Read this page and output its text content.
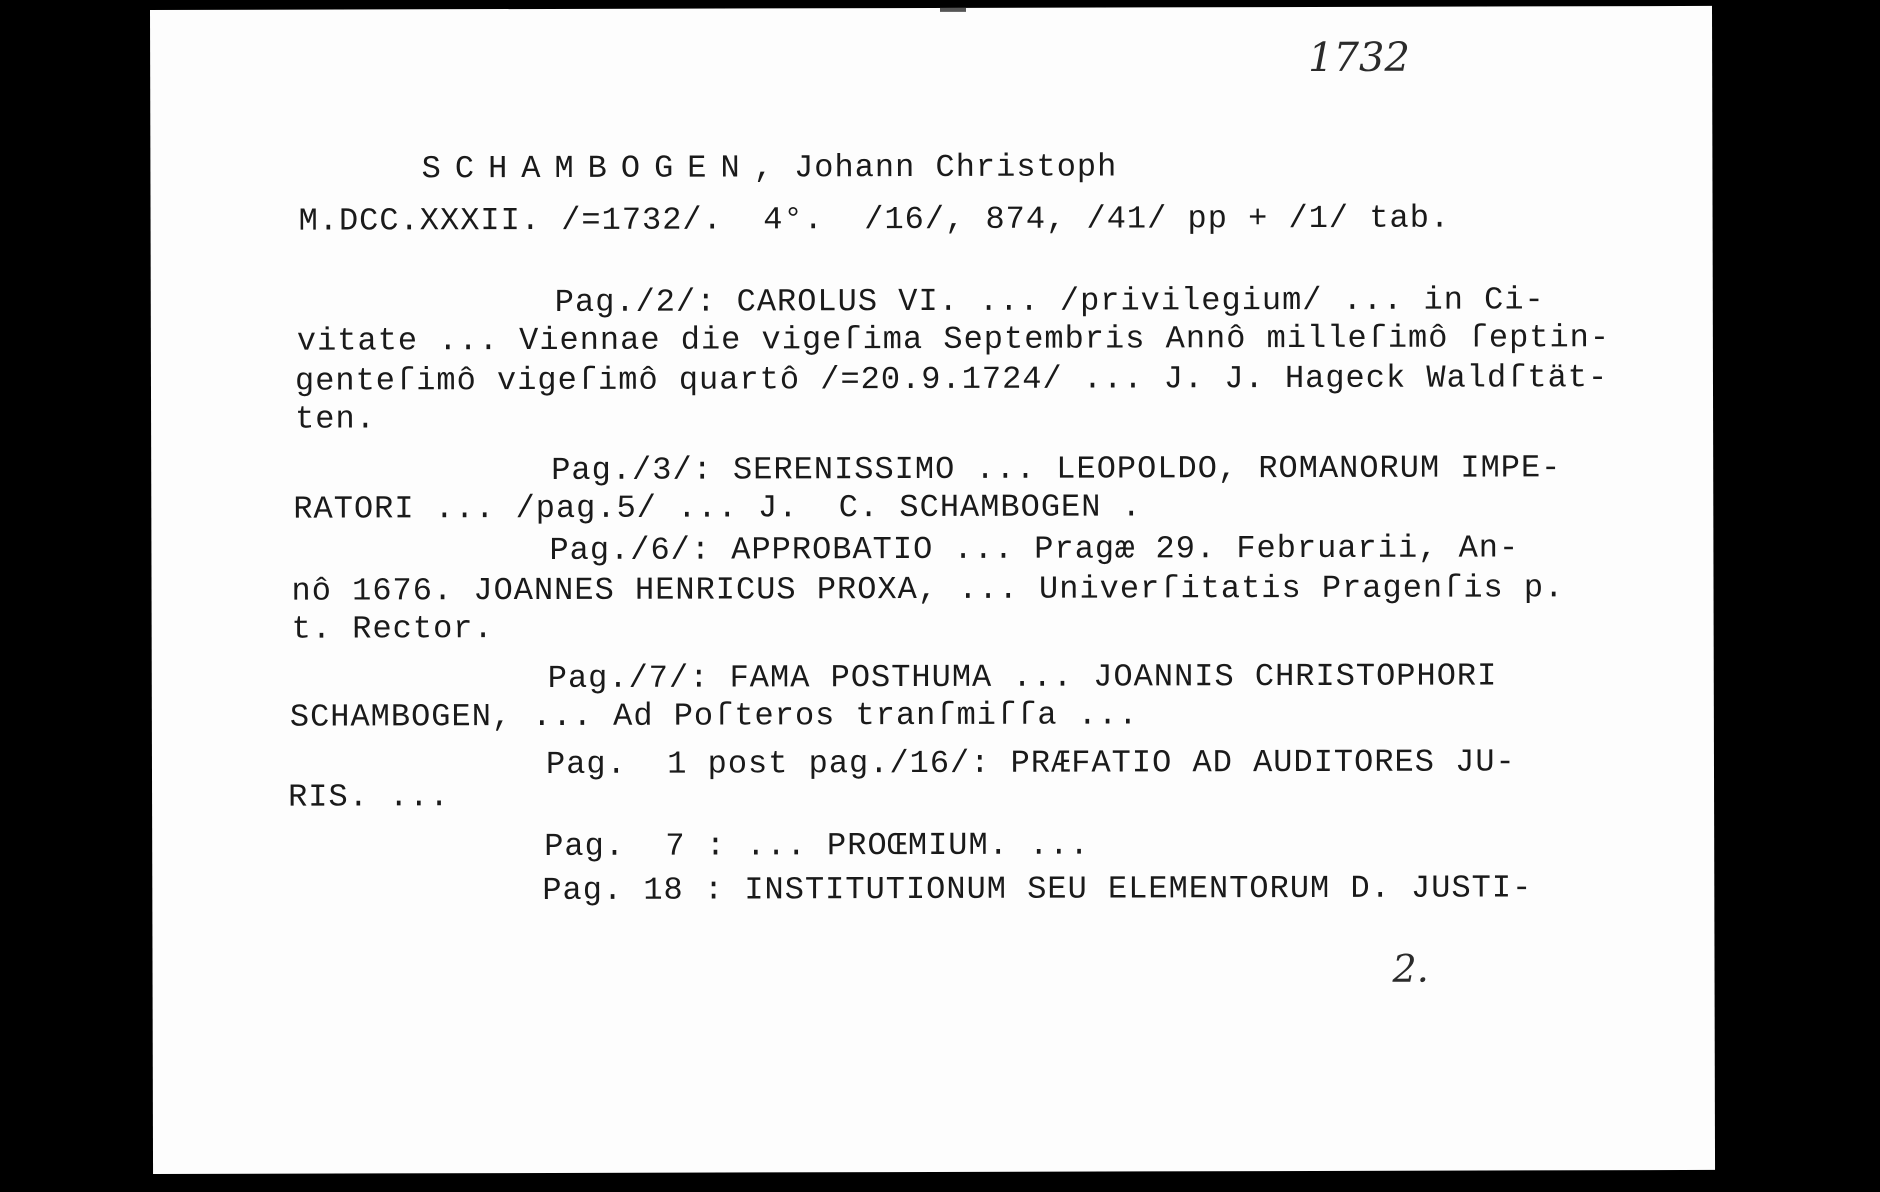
1732

SCHAMBOGEN, Johann Christoph

M.DCC.XXXII. /=1732/.  4°.  /16/, 874, /41/ pp + /1/ tab.
Pag./2/: CAROLUS VI. ... /privilegium/ ... in Ci-
vitate ... Viennae die vigeſima Septembris Annô milleſimô ſeptin-
genteſimô vigeſimô quartô /=20.9.1724/ ... J. J. Hageck Waldſtät-
ten.
Pag./3/: SERENISSIMO ... LEOPOLDO, ROMANORUM IMPE-
RATORI ... /pag.5/ ... J.  C. SCHAMBOGEN .
Pag./6/: APPROBATIO ... Pragæ 29. Februarii, An-
nô 1676. JOANNES HENRICUS PROXA, ... Univerſitatis Pragenſis p.
t. Rector.
Pag./7/: FAMA POSTHUMA ... JOANNIS CHRISTOPHORI
SCHAMBOGEN, ... Ad Poſteros tranſmiſſa ...
Pag.  1 post pag./16/: PRÆFATIO AD AUDITORES JU-
RIS. ...
Pag.  7 : ... PROŒMIUM. ...
Pag. 18 : INSTITUTIONUM SEU ELEMENTORUM D. JUSTI-
2.
